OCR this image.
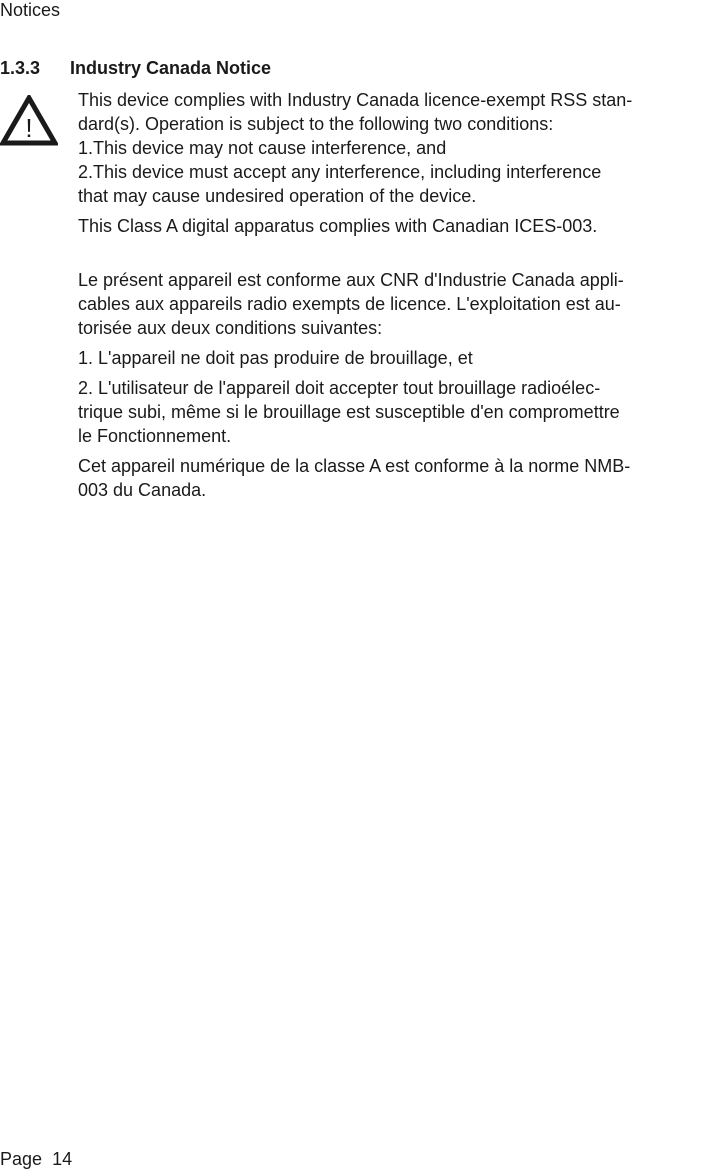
Notices
1.3.3 Industry Canada Notice
!

This device complies with Industry Canada licence-exempt RSS stan-

dard(s). Operation is subject to the following two conditions:

1.This device may not cause interference, and

2.This device must accept any interference, including interference

that may cause undesired operation of the device.

This Class A digital apparatus complies with Canadian ICES-003.

Le présent appareil est conforme aux CNR d'Industrie Canada appli-

cables aux appareils radio exempts de licence. L'exploitation est au-

torisée aux deux conditions suivantes:

1. L'appareil ne doit pas produire de brouillage, et

2. L'utilisateur de l'appareil doit accepter tout brouillage radioélec-

trique subi, même si le brouillage est susceptible d'en compromettre

le Fonctionnement.

Cet appareil numérique de la classe A est conforme à la norme NMB-

003 du Canada.

Page 14
